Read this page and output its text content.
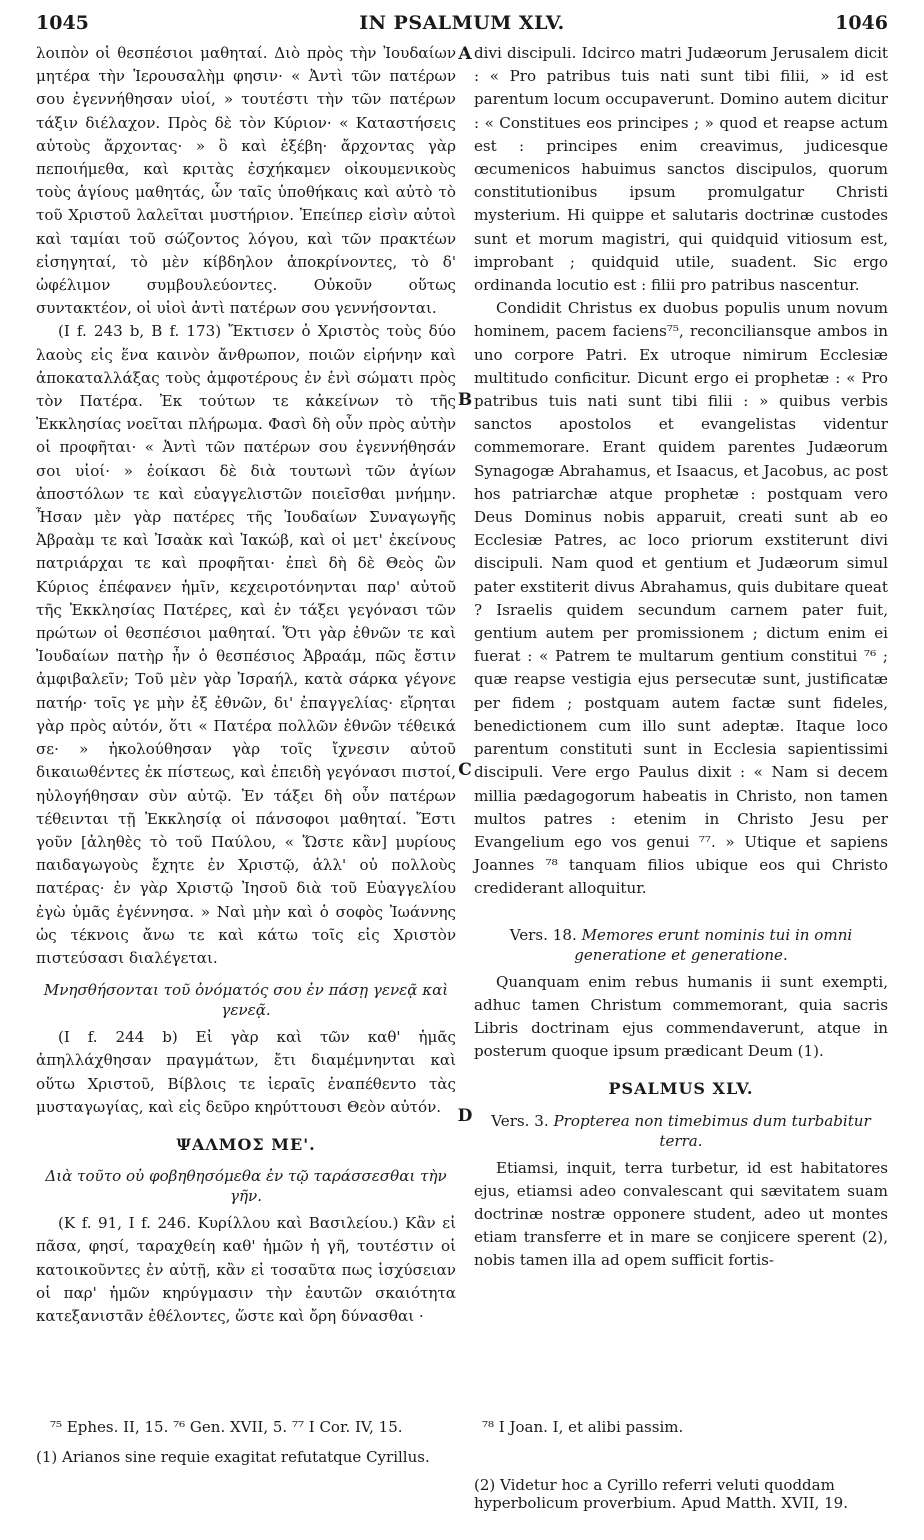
IN PSALMUM XLV.
1045	1046
A
B
C
D

λοιπὸν οἱ θεσπέσιοι μαθηταί. Διὸ πρὸς τὴν Ἰουδαίων μητέρα τὴν Ἱερουσαλὴμ φησιν· « Ἀντὶ τῶν πατέρων σου ἐγεννήθησαν υἱοί, » τουτέστι τὴν τῶν πατέρων τάξιν διέλαχον. Πρὸς δὲ τὸν Κύριον· « Καταστήσεις αὐτοὺς ἄρχοντας· » ὃ καὶ ἐξέβη· ἄρχοντας γὰρ πεποιήμεθα, καὶ κριτὰς ἐσχήκαμεν οἰκουμενικοὺς τοὺς ἁγίους μαθητάς, ὧν ταῖς ὑποθήκαις καὶ αὐτὸ τὸ τοῦ Χριστοῦ λαλεῖται μυστήριον. Ἐπείπερ εἰσὶν αὐτοὶ καὶ ταμίαι τοῦ σώζοντος λόγου, καὶ τῶν πρακτέων εἰσηγηταί, τὸ μὲν κίβδηλον ἀποκρίνοντες, τὸ δ' ὠφέλιμον συμβουλεύοντες. Οὐκοῦν οὕτως συντακτέον, οἱ υἱοὶ ἀντὶ πατέρων σου γεννήσονται.

(I f. 243 b, B f. 173) Ἔκτισεν ὁ Χριστὸς τοὺς δύο λαοὺς εἰς ἕνα καινὸν ἄνθρωπον, ποιῶν εἰρήνην καὶ ἀποκαταλλάξας τοὺς ἀμφοτέρους ἐν ἑνὶ σώματι πρὸς τὸν Πατέρα. Ἐκ τούτων τε κἀκείνων τὸ τῆς Ἐκκλησίας νοεῖται πλήρωμα. Φασὶ δὴ οὖν πρὸς αὐτὴν οἱ προφῆται· « Ἀντὶ τῶν πατέρων σου ἐγεννήθησάν σοι υἱοί· » ἐοίκασι δὲ διὰ τουτωνὶ τῶν ἁγίων ἀποστόλων τε καὶ εὐαγγελιστῶν ποιεῖσθαι μνήμην. Ἦσαν μὲν γὰρ πατέρες τῆς Ἰουδαίων Συναγωγῆς Ἀβραὰμ τε καὶ Ἰσαὰκ καὶ Ἰακώβ, καὶ οἱ μετ' ἐκείνους πατριάρχαι τε καὶ προφῆται· ἐπεὶ δὴ δὲ Θεὸς ὢν Κύριος ἐπέφανεν ἡμῖν, κεχειροτόνηνται παρ' αὐτοῦ τῆς Ἐκκλησίας Πατέρες, καὶ ἐν τάξει γεγόνασι τῶν πρώτων οἱ θεσπέσιοι μαθηταί. Ὅτι γὰρ ἐθνῶν τε καὶ Ἰουδαίων πατὴρ ἦν ὁ θεσπέσιος Ἀβραάμ, πῶς ἔστιν ἀμφιβαλεῖν; Τοῦ μὲν γὰρ Ἰσραήλ, κατὰ σάρκα γέγονε πατήρ· τοῖς γε μὴν ἐξ ἐθνῶν, δι' ἐπαγγελίας· εἴρηται γὰρ πρὸς αὐτόν, ὅτι « Πατέρα πολλῶν ἐθνῶν τέθεικά σε· » ἠκολούθησαν γὰρ τοῖς ἴχνεσιν αὐτοῦ δικαιωθέντες ἐκ πίστεως, καὶ ἐπειδὴ γεγόνασι πιστοί, ηὐλογήθησαν σὺν αὐτῷ. Ἐν τάξει δὴ οὖν πατέρων τέθεινται τῇ Ἐκκλησίᾳ οἱ πάνσοφοι μαθηταί. Ἔστι γοῦν [ἀληθὲς τὸ τοῦ Παύλου, « Ὥστε κἂν] μυρίους παιδαγωγοὺς ἔχητε ἐν Χριστῷ, ἀλλ' οὐ πολλοὺς πατέρας· ἐν γὰρ Χριστῷ Ἰησοῦ διὰ τοῦ Εὐαγγελίου ἐγὼ ὑμᾶς ἐγέννησα. » Ναὶ μὴν καὶ ὁ σοφὸς Ἰωάννης ὡς τέκνοις ἄνω τε καὶ κάτω τοῖς εἰς Χριστὸν πιστεύσασι διαλέγεται.

Μνησθήσονται τοῦ ὀνόματός σου ἐν πάσῃ γενεᾷ καὶ γενεᾷ.

(I f. 244 b) Εἰ γὰρ καὶ τῶν καθ' ἡμᾶς ἀπηλλάχθησαν πραγμάτων, ἔτι διαμέμνηνται καὶ οὕτω Χριστοῦ, Βίβλοις τε ἱεραῖς ἐναπέθεντο τὰς μυσταγωγίας, καὶ εἰς δεῦρο κηρύττουσι Θεὸν αὐτόν.

ΨΑΛΜΟΣ ΜΕ'.
Διὰ τοῦτο οὐ φοβηθησόμεθα ἐν τῷ ταράσσεσθαι τὴν γῆν.

(K f. 91, I f. 246. Κυρίλλου καὶ Βασιλείου.) Κἂν εἰ πᾶσα, φησί, ταραχθείη καθ' ἡμῶν ἡ γῆ, τουτέστιν οἱ κατοικοῦντες ἐν αὐτῇ, κἂν εἰ τοσαῦτα πως ἰσχύσειαν οἱ παρ' ἡμῶν κηρύγμασιν τὴν ἑαυτῶν σκαιότητα κατεξανιστᾶν ἐθέλοντες, ὥστε καὶ ὄρη δύνασθαι ·

divi discipuli. Idcirco matri Judæorum Jerusalem dicit : « Pro patribus tuis nati sunt tibi filii, » id est parentum locum occupaverunt. Domino autem dicitur : « Constitues eos principes ; » quod et reapse actum est : principes enim creavimus, judicesque œcumenicos habuimus sanctos discipulos, quorum constitutionibus ipsum promulgatur Christi mysterium. Hi quippe et salutaris doctrinæ custodes sunt et morum magistri, qui quidquid vitiosum est, improbant ; quidquid utile, suadent. Sic ergo ordinanda locutio est : filii pro patribus nascentur.

Condidit Christus ex duobus populis unum novum hominem, pacem faciens⁷⁵, reconciliansque ambos in uno corpore Patri. Ex utroque nimirum Ecclesiæ multitudo conficitur. Dicunt ergo ei prophetæ : « Pro patribus tuis nati sunt tibi filii : » quibus verbis sanctos apostolos et evangelistas videntur commemorare. Erant quidem parentes Judæorum Synagogæ Abrahamus, et Isaacus, et Jacobus, ac post hos patriarchæ atque prophetæ : postquam vero Deus Dominus nobis apparuit, creati sunt ab eo Ecclesiæ Patres, ac loco priorum exstiterunt divi discipuli. Nam quod et gentium et Judæorum simul pater exstiterit divus Abrahamus, quis dubitare queat ? Israelis quidem secundum carnem pater fuit, gentium autem per promissionem ; dictum enim ei fuerat : « Patrem te multarum gentium constitui ⁷⁶ ; quæ reapse vestigia ejus persecutæ sunt, justificatæ per fidem ; postquam autem factæ sunt fideles, benedictionem cum illo sunt adeptæ. Itaque loco parentum constituti sunt in Ecclesia sapientissimi discipuli. Vere ergo Paulus dixit : « Nam si decem millia pædagogorum habeatis in Christo, non tamen multos patres : etenim in Christo Jesu per Evangelium ego vos genui ⁷⁷. » Utique et sapiens Joannes ⁷⁸ tanquam filios ubique eos qui Christo crediderant alloquitur.

Vers. 18. Memores erunt nominis tui in omni generatione et generatione.

Quanquam enim rebus humanis ii sunt exempti, adhuc tamen Christum commemorant, quia sacris Libris doctrinam ejus commendaverunt, atque in posterum quoque ipsum prædicant Deum (1).

PSALMUS XLV.
Vers. 3. Propterea non timebimus dum turbabitur terra.

Etiamsi, inquit, terra turbetur, id est habitatores ejus, etiamsi adeo convalescant qui sævitatem suam doctrinæ nostræ opponere student, adeo ut montes etiam transferre et in mare se conjicere sperent (2), nobis tamen illa ad opem sufficit fortis-

⁷⁵ Ephes. II, 15. ⁷⁶ Gen. XVII, 5. ⁷⁷ I Cor. IV, 15.	⁷⁸ I Joan. I, et alibi passim.
(1) Arianos sine requie exagitat refutatque Cyrillus.
(2) Videtur hoc a Cyrillo referri veluti quoddam hyperbolicum proverbium. Apud Matth. XVII, 19.
